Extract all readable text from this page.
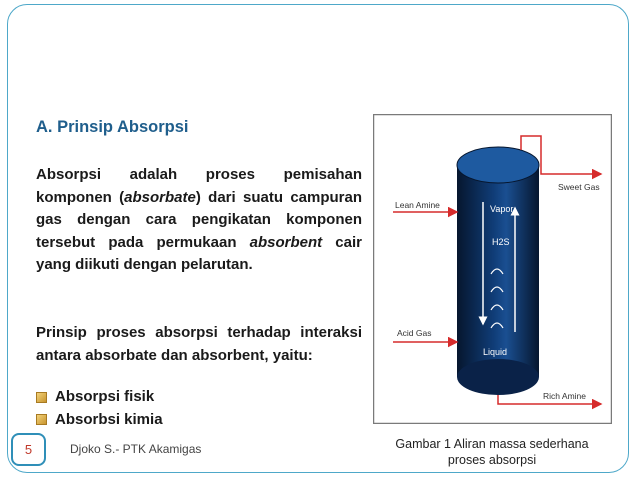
A. Prinsip Absorpsi
Absorpsi adalah proses pemisahan komponen (absorbate) dari suatu campuran gas dengan cara pengikatan komponen tersebut pada permukaan absorbent cair yang diikuti dengan pelarutan.
Prinsip proses absorpsi terhadap interaksi antara absorbate dan absorbent, yaitu:
Absorpsi fisik
Absorbsi kimia
5	Djoko S.- PTK Akamigas
Vapor
H2S
Liquid
Lean Amine
Sweet Gas
Acid Gas
Rich Amine
Gambar 1 Aliran massa sederhana
proses absorpsi
